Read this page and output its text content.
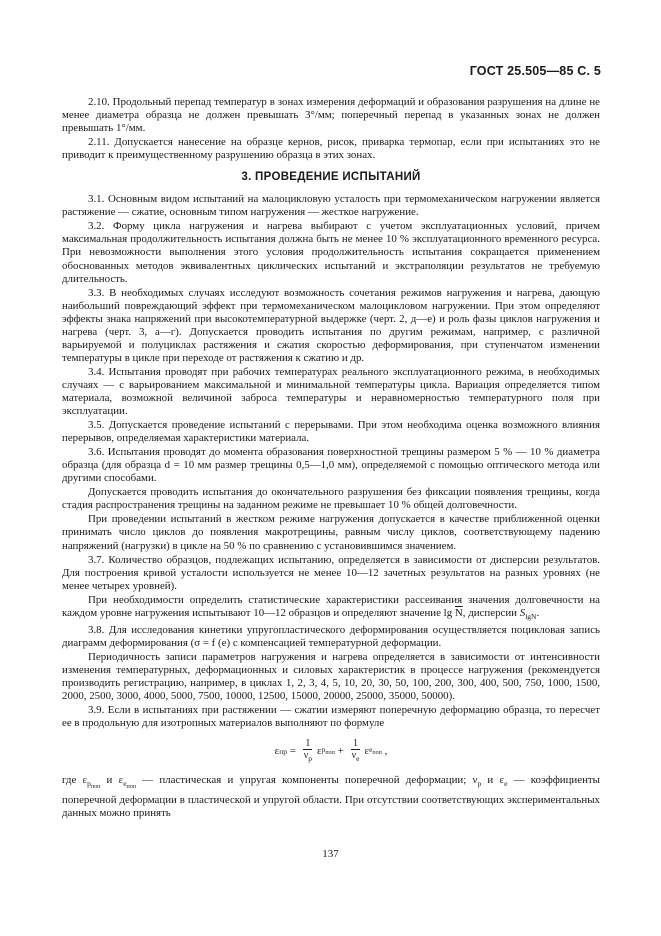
ГОСТ 25.505—85 С. 5

2.10. Продольный перепад температур в зонах измерения деформаций и образования разрушения на длине не менее диаметра образца не должен превышать 3°/мм; поперечный перепад в указанных зонах не должен превышать 1°/мм.

2.11. Допускается нанесение на образце кернов, рисок, приварка термопар, если при испытаниях это не приводит к преимущественному разрушению образца в этих зонах.

3. ПРОВЕДЕНИЕ ИСПЫТАНИЙ

3.1. Основным видом испытаний на малоцикловую усталость при термомеханическом нагружении является растяжение — сжатие, основным типом нагружения — жесткое нагружение.

3.2. Форму цикла нагружения и нагрева выбирают с учетом эксплуатационных условий, причем максимальная продолжительность испытания должна быть не менее 10 % эксплуатационного временного ресурса. При невозможности выполнения этого условия продолжительность испытания сокращается применением обоснованных методов эквивалентных циклических испытаний и экстраполяции результатов не требуемую длительность.

3.3. В необходимых случаях исследуют возможность сочетания режимов нагружения и нагрева, дающую наибольший повреждающий эффект при термомеханическом малоцикловом нагружении. При этом определяют эффекты знака напряжений при высокотемпературной выдержке (черт. 2, д—е) и роль фазы циклов нагружения и нагрева (черт. 3, а—г). Допускается проводить испытания по другим режимам, например, с различной варьируемой и полуциклах растяжения и сжатия скоростью деформирования, при ступенчатом изменении температуры в цикле при переходе от растяжения к сжатию и др.

3.4. Испытания проводят при рабочих температурах реального эксплуатационного режима, в необходимых случаях — с варьированием максимальной и минимальной температуры цикла. Вариация определяется типом материала, возможной величиной заброса температуры и неравномерностью температурного поля при эксплуатации.

3.5. Допускается проведение испытаний с перерывами. При этом необходима оценка возможного влияния перерывов, определяемая характеристики материала.

3.6. Испытания проводят до момента образования поверхностной трещины размером 5 % — 10 % диаметра образца (для образца d = 10 мм размер трещины 0,5—1,0 мм), определяемой с помощью оптического метода или другими способами.

Допускается проводить испытания до окончательного разрушения без фиксации появления трещины, когда стадия распространения трещины на заданном режиме не превышает 10 % общей долговечности.

При проведении испытаний в жестком режиме нагружения допускается в качестве приближенной оценки принимать число циклов до появления макротрещины, равным числу циклов, соответствующему падению напряжений (нагрузки) в цикле на 50 % по сравнению с установившимся значением.

3.7. Количество образцов, подлежащих испытанию, определяется в зависимости от дисперсии результатов. Для построения кривой усталости используется не менее 10—12 зачетных результатов на разных уровнях (не менее четырех уровней).

При необходимости определить статистические характеристики рассеивания значения долговечности на каждом уровне нагружения испытывают 10—12 образцов и определяют значение $\lg \overline{N}$, дисперсии $S_{lgN}$.

3.8. Для исследования кинетики упругопластического деформирования осуществляется поцикловая запись диаграмм деформирования (σ = f (e) с компенсацией температурной деформации.

Периодичность записи параметров нагружения и нагрева определяется в зависимости от интенсивности изменения температурных, деформационных и силовых характеристик в процессе нагружения (рекомендуется производить регистрацию, например, в циклах 1, 2, 3, 4, 5, 10, 20, 30, 50, 100, 200, 300, 400, 500, 750, 1000, 1500, 2000, 2500, 3000, 4000, 5000, 7500, 10000, 12500, 15000, 20000, 25000, 35000, 50000).

3.9. Если в испытаниях при растяжении — сжатии измеряют поперечную деформацию образца, то пересчет ее в продольную для изотропных материалов выполняют по формуле

ε пр = $\frac{1}{\nu_p}$ ε $p_{поп} + \frac{1}{\nu_e}$ ε $e_{поп}$ ,

где $\varepsilon_{p_{поп}}$ и $\varepsilon_{e_{поп}}$ — пластическая и упругая компоненты поперечной деформации; $\nu_p$ и $\varepsilon_e$ — коэффициенты поперечной деформации в пластической и упругой области. При отсутствии соответствующих экспериментальных данных можно принять

137
